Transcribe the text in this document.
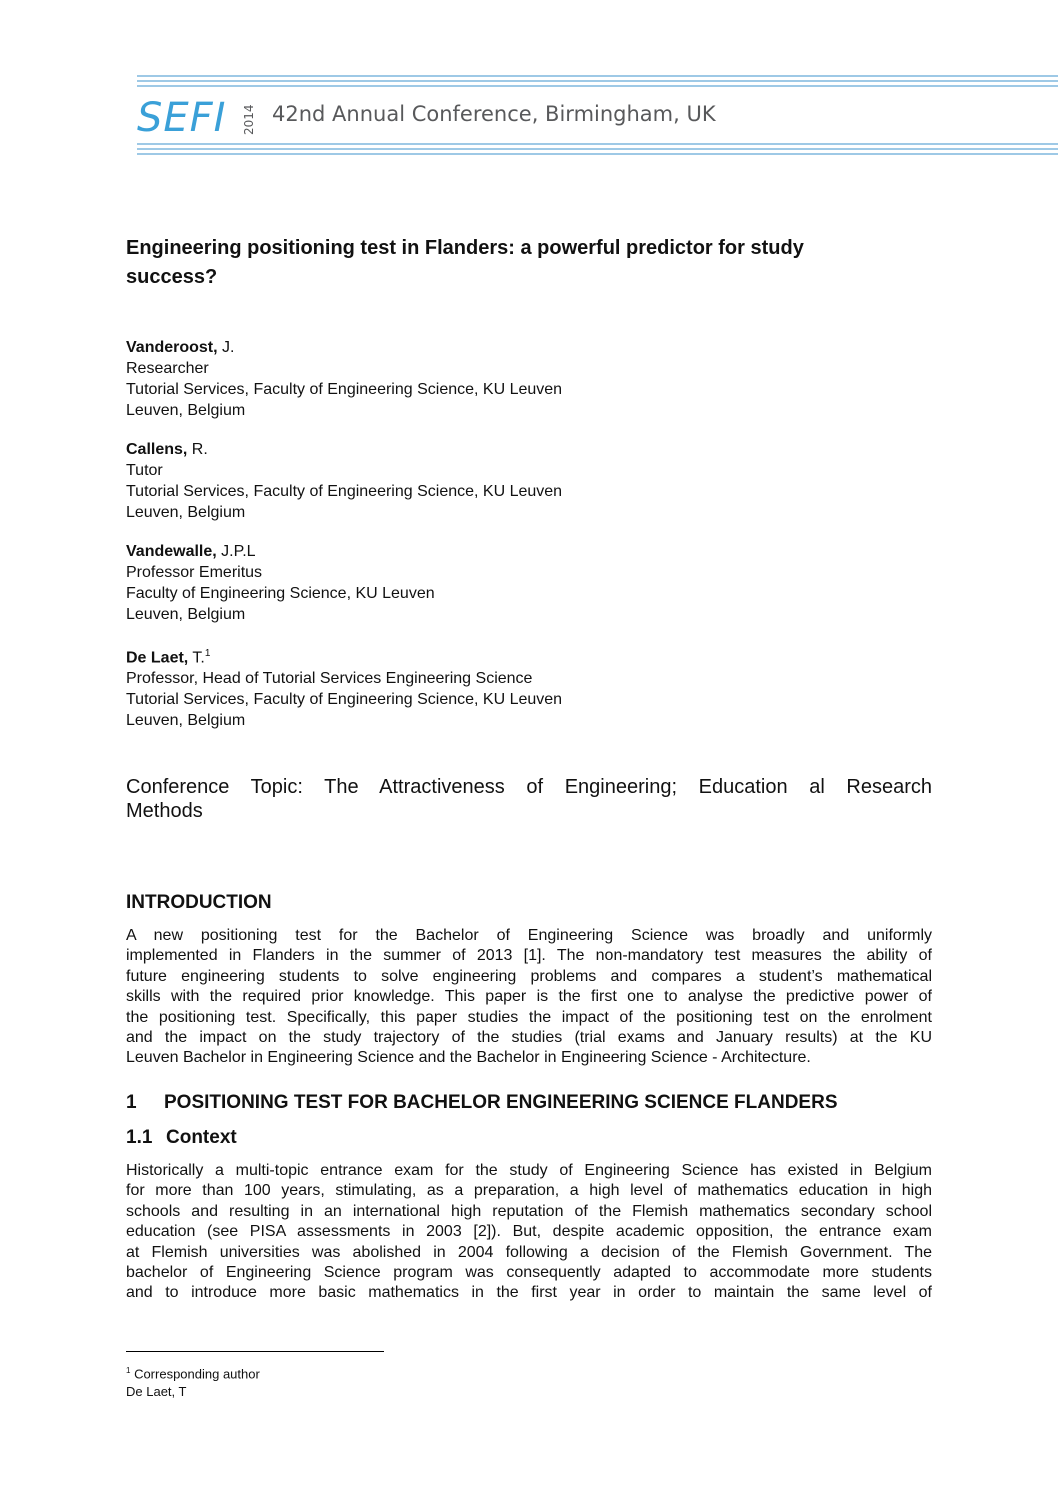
SEFI 2014 42nd Annual Conference, Birmingham, UK
Engineering positioning test in Flanders: a powerful predictor for study
success?
Vanderoost, J.
Researcher
Tutorial Services, Faculty of Engineering Science, KU Leuven
Leuven, Belgium
Callens, R.
Tutor
Tutorial Services, Faculty of Engineering Science, KU Leuven
Leuven, Belgium
Vandewalle, J.P.L
Professor Emeritus
Faculty of Engineering Science, KU Leuven
Leuven, Belgium
De Laet, T.$^1$
Professor, Head of Tutorial Services Engineering Science
Tutorial Services, Faculty of Engineering Science, KU Leuven
Leuven, Belgium
Conference Topic: The Attractiveness of Engineering; Education al Research
Methods
INTRODUCTION
A new positioning test for the Bachelor of Engineering Science was broadly and uniformly
implemented in Flanders in the summer of 2013 [1]. The non-mandatory test measures the ability of
future engineering students to solve engineering problems and compares a student’s mathematical
skills with the required prior knowledge. This paper is the first one to analyse the predictive power of
the positioning test. Specifically, this paper studies the impact of the positioning test on the enrolment
and the impact on the study trajectory of the studies (trial exams and January results) at the KU
Leuven Bachelor in Engineering Science and the Bachelor in Engineering Science - Architecture.
1 POSITIONING TEST FOR BACHELOR ENGINEERING SCIENCE FLANDERS
1.1 Context
Historically a multi-topic entrance exam for the study of Engineering Science has existed in Belgium
for more than 100 years, stimulating, as a preparation, a high level of mathematics education in high
schools and resulting in an international high reputation of the Flemish mathematics secondary school
education (see PISA assessments in 2003 [2]). But, despite academic opposition, the entrance exam
at Flemish universities was abolished in 2004 following a decision of the Flemish Government. The
bachelor of Engineering Science program was consequently adapted to accommodate more students
and to introduce more basic mathematics in the first year in order to maintain the same level of
$^1$ Corresponding author
De Laet, T
